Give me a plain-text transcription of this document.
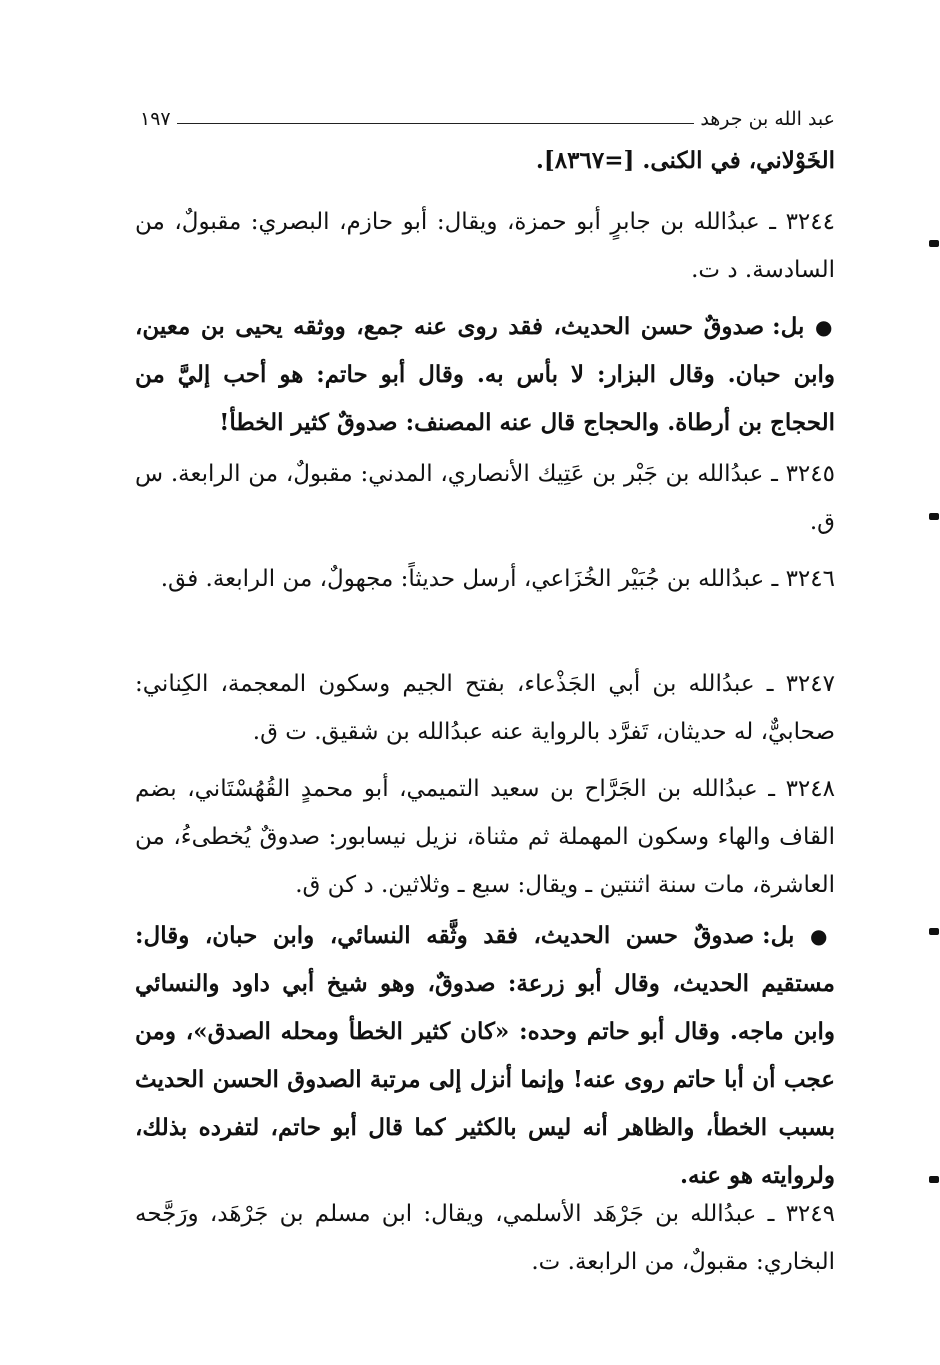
عبد الله بن جرهد
١٩٧
الخَوْلاني، في الكنى. [=٨٣٦٧].
٣٢٤٤ ـ عبدُالله بن جابرٍ أبو حمزة، ويقال: أبو حازم، البصري: مقبولٌ، من السادسة. د ت.
● بل: صدوقٌ حسن الحديث، فقد روى عنه جمع، ووثقه يحيى بن معين، وابن حبان. وقال البزار: لا بأس به. وقال أبو حاتم: هو أحب إليَّ من الحجاج بن أرطاة. والحجاج قال عنه المصنف: صدوقٌ كثير الخطأ!
٣٢٤٥ ـ عبدُالله بن جَبْر بن عَتِيك الأنصاري، المدني: مقبولٌ، من الرابعة. س ق.
٣٢٤٦ ـ عبدُالله بن جُبَيْر الخُزَاعي، أرسل حديثاً: مجهولٌ، من الرابعة. فق.
٣٢٤٧ ـ عبدُالله بن أبي الجَذْعاء، بفتح الجيم وسكون المعجمة، الكِناني: صحابيٌّ، له حديثان، تَفرَّد بالرواية عنه عبدُالله بن شقيق. ت ق.
٣٢٤٨ ـ عبدُالله بن الجَرَّاح بن سعيد التميمي، أبو محمدٍ القُهُسْتَاني، بضم القاف والهاء وسكون المهملة ثم مثناة، نزيل نيسابور: صدوقٌ يُخطىءُ، من العاشرة، مات سنة اثنتين ـ ويقال: سبع ـ وثلاثين. د كن ق.
● بل: صدوقٌ حسن الحديث، فقد وثَّقه النسائي، وابن حبان، وقال: مستقيم الحديث، وقال أبو زرعة: صدوقٌ، وهو شيخ أبي داود والنسائي وابن ماجه. وقال أبو حاتم وحده: «كان كثير الخطأ ومحله الصدق»، ومن عجب أن أبا حاتم روى عنه! وإنما أنزل إلى مرتبة الصدوق الحسن الحديث بسبب الخطأ، والظاهر أنه ليس بالكثير كما قال أبو حاتم، لتفرده بذلك، ولروايته هو عنه.
٣٢٤٩ ـ عبدُالله بن جَرْهَد الأسلمي، ويقال: ابن مسلم بن جَرْهَد، ورَجَّحه البخاري: مقبولٌ، من الرابعة. ت.
